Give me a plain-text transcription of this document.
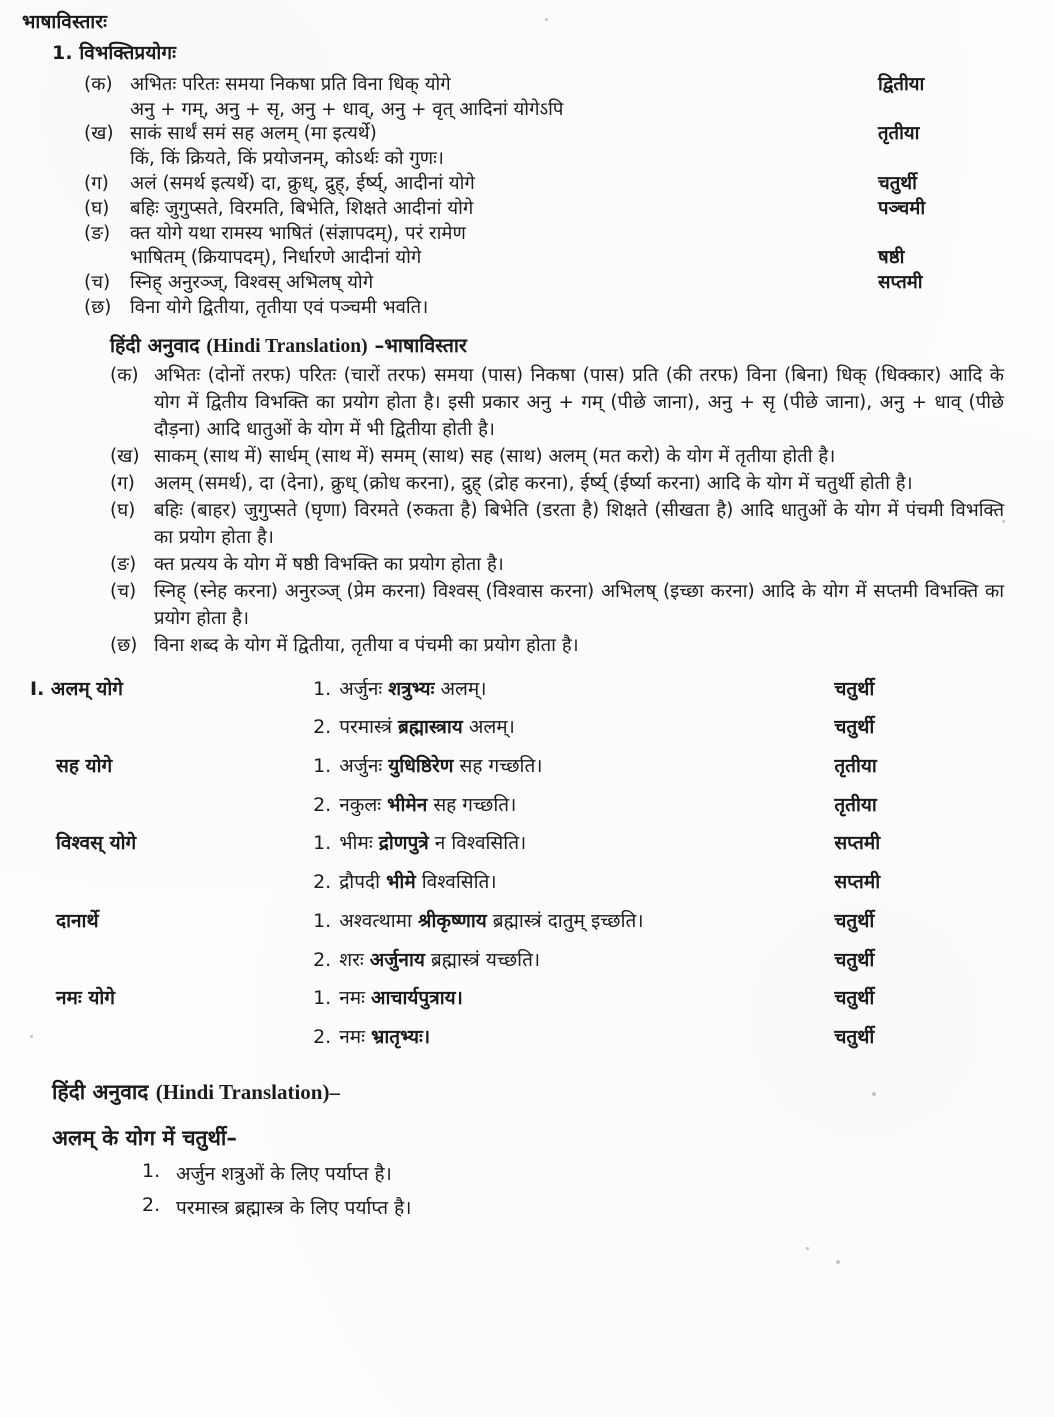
भाषाविस्तारः
1. विभक्तिप्रयोगः
(क) अभितः परितः समया निकषा प्रति विना धिक् योगे	द्वितीया
अनु + गम्, अनु + सृ, अनु + धाव्, अनु + वृत् आदिनां योगेऽपि
(ख) साकं सार्थं समं सह अलम् (मा इत्यर्थे)	तृतीया
किं, किं क्रियते, किं प्रयोजनम्, कोऽर्थः को गुणः।
(ग)	अलं (समर्थ इत्यर्थे) दा, क्रुध्, द्रुह्, ईर्ष्य्, आदीनां योगे	चतुर्थी
(घ)	बहिः जुगुप्सते, विरमति, बिभेति, शिक्षते आदीनां योगे	पञ्चमी
(ङ)	क्त योगे यथा रामस्य भाषितं (संज्ञापदम्), परं रामेण
भाषितम् (क्रियापदम्), निर्धारणे आदीनां योगे	षष्ठी
(च)	स्निह् अनुरञ्ज्, विश्वस् अभिलष् योगे	सप्तमी
(छ)	विना योगे द्वितीया, तृतीया एवं पञ्चमी भवति।
हिंदी अनुवाद (Hindi Translation) –भाषाविस्तार
(क) अभितः (दोनों तरफ) परितः (चारों तरफ) समया (पास) निकषा (पास) प्रति (की तरफ) विना (बिना) धिक् (धिक्कार) आदि के योग में द्वितीय विभक्ति का प्रयोग होता है। इसी प्रकार अनु + गम् (पीछे जाना), अनु + सृ (पीछे जाना), अनु + धाव् (पीछे दौड़ना) आदि धातुओं के योग में भी द्वितीया होती है।
(ख) साकम् (साथ में) सार्धम् (साथ में) समम् (साथ) सह (साथ) अलम् (मत करो) के योग में तृतीया होती है।
(ग)	अलम् (समर्थ), दा (देना), क्रुध् (क्रोध करना), द्रुह् (द्रोह करना), ईर्ष्य् (ईर्ष्या करना) आदि के योग में चतुर्थी होती है।
(घ)	बहिः (बाहर) जुगुप्सते (घृणा) विरमते (रुकता है) बिभेति (डरता है) शिक्षते (सीखता है) आदि धातुओं के योग में पंचमी विभक्ति का प्रयोग होता है।
(ङ) क्त प्रत्यय के योग में षष्ठी विभक्ति का प्रयोग होता है।
(च) स्निह् (स्नेह करना) अनुरञ्ज् (प्रेम करना) विश्वस् (विश्वास करना) अभिलष् (इच्छा करना) आदि के योग में सप्तमी विभक्ति का प्रयोग होता है।
(छ) विना शब्द के योग में द्वितीया, तृतीया व पंचमी का प्रयोग होता है।
I. अलम् योगे	1.	अर्जुनः शत्रुभ्यः अलम्।	चतुर्थी
	2.	परमास्त्रं ब्रह्मास्त्राय अलम्।	चतुर्थी
सह योगे	1.	अर्जुनः युधिष्ठिरेण सह गच्छति।	तृतीया
	2.	नकुलः भीमेन सह गच्छति।	तृतीया
विश्वस् योगे	1.	भीमः द्रोणपुत्रे न विश्वसिति।	सप्तमी
	2.	द्रौपदी भीमे विश्वसिति।	सप्तमी
दानार्थे	1.	अश्वत्थामा श्रीकृष्णाय ब्रह्मास्त्रं दातुम् इच्छति।	चतुर्थी
	2.	शरः अर्जुनाय ब्रह्मास्त्रं यच्छति।	चतुर्थी
नमः योगे	1.	नमः आचार्यपुत्राय।	चतुर्थी
	2.	नमः भ्रातृभ्यः।	चतुर्थी
हिंदी अनुवाद (Hindi Translation)–
अलम् के योग में चतुर्थी–
1. अर्जुन शत्रुओं के लिए पर्याप्त है।
2. परमास्त्र ब्रह्मास्त्र के लिए पर्याप्त है।
